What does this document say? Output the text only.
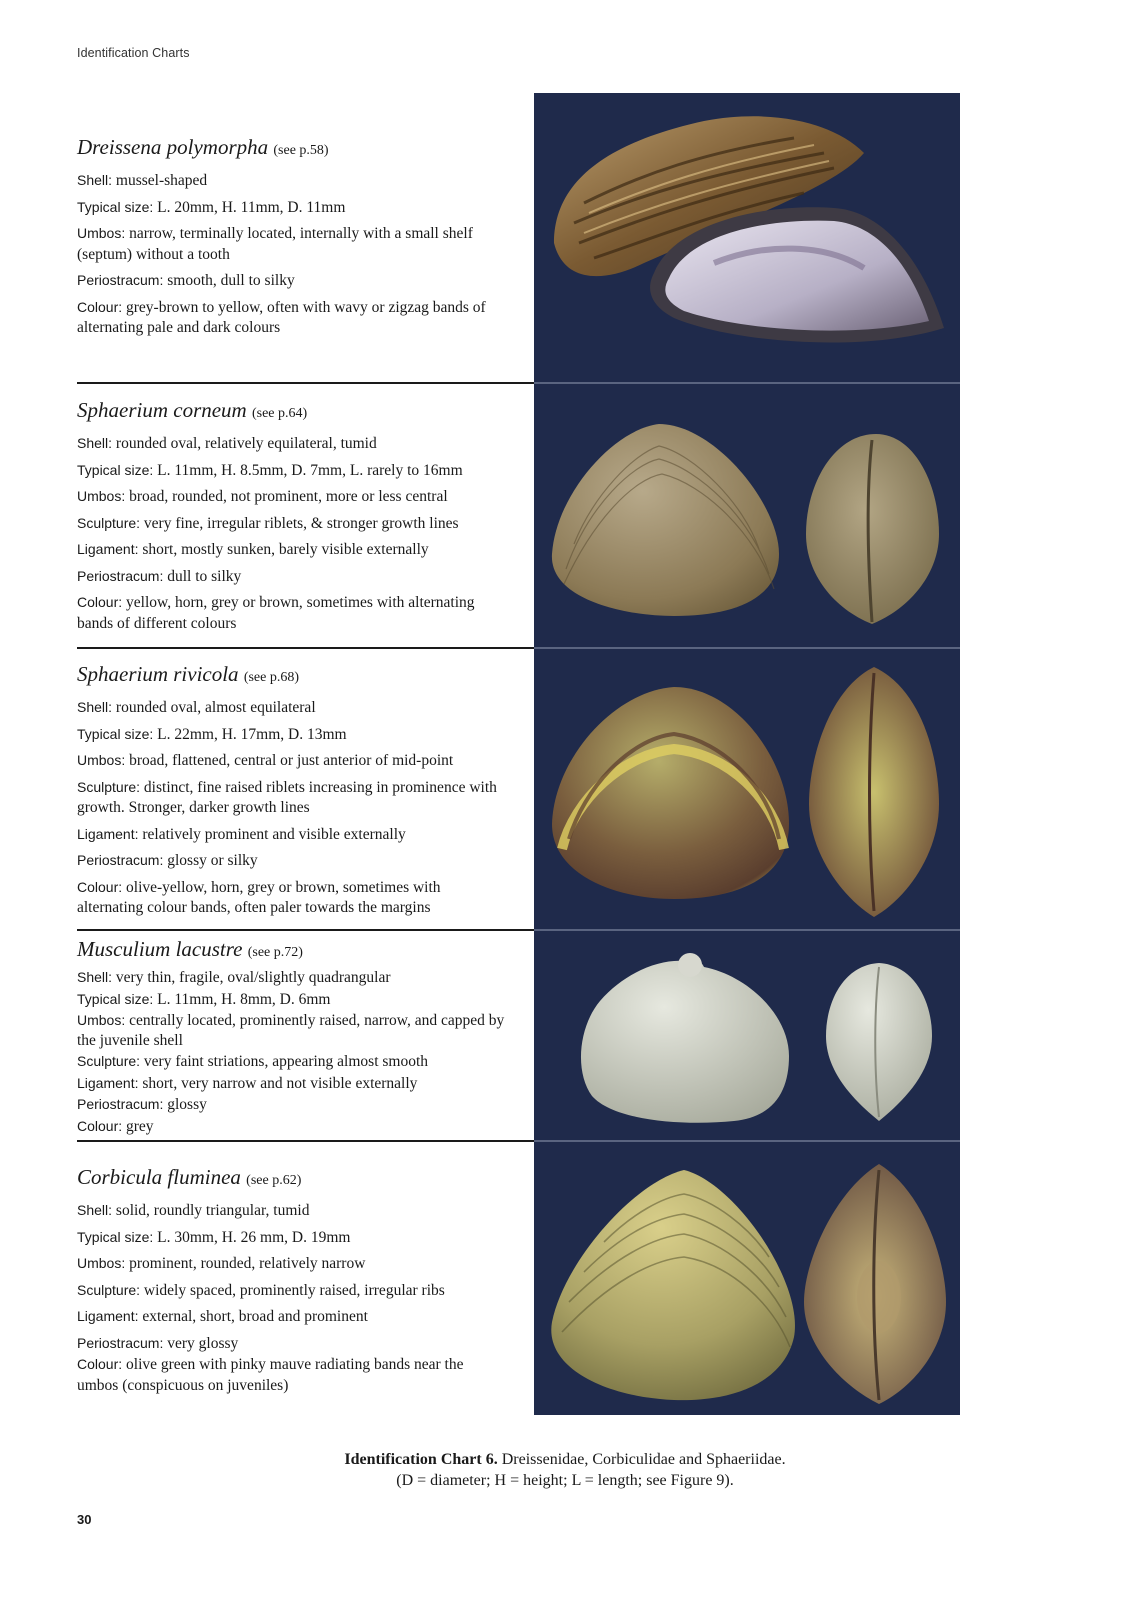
Identification Charts
Dreissena polymorpha (see p.58)
Shell: mussel-shaped
Typical size: L. 20mm, H. 11mm, D. 11mm
Umbos: narrow, terminally located, internally with a small shelf (septum) without a tooth
Periostracum: smooth, dull to silky
Colour: grey-brown to yellow, often with wavy or zigzag bands of alternating pale and dark colours
Sphaerium corneum (see p.64)
Shell: rounded oval, relatively equilateral, tumid
Typical size: L. 11mm, H. 8.5mm, D. 7mm, L. rarely to 16mm
Umbos: broad, rounded, not prominent, more or less central
Sculpture: very fine, irregular riblets, & stronger growth lines
Ligament: short, mostly sunken, barely visible externally
Periostracum: dull to silky
Colour: yellow, horn, grey or brown, sometimes with alternating bands of different colours
Sphaerium rivicola (see p.68)
Shell: rounded oval, almost equilateral
Typical size: L. 22mm, H. 17mm, D. 13mm
Umbos: broad, flattened, central or just anterior of mid-point
Sculpture: distinct, fine raised riblets increasing in prominence with growth. Stronger, darker growth lines
Ligament: relatively prominent and visible externally
Periostracum: glossy or silky
Colour: olive-yellow, horn, grey or brown, sometimes with alternating colour bands, often paler towards the margins
Musculium lacustre (see p.72)
Shell: very thin, fragile, oval/slightly quadrangular
Typical size: L. 11mm, H. 8mm, D. 6mm
Umbos: centrally located, prominently raised, narrow, and capped by the juvenile shell
Sculpture: very faint striations, appearing almost smooth
Ligament: short, very narrow and not visible externally
Periostracum: glossy
Colour: grey
Corbicula fluminea (see p.62)
Shell: solid, roundly triangular, tumid
Typical size: L. 30mm, H. 26 mm, D. 19mm
Umbos: prominent, rounded, relatively narrow
Sculpture: widely spaced, prominently raised, irregular ribs
Ligament: external, short, broad and prominent
Periostracum: very glossy
Colour: olive green with pinky mauve radiating bands near the umbos (conspicuous on juveniles)
Identification Chart 6. Dreissenidae, Corbiculidae and Sphaeriidae.
(D = diameter; H = height; L = length; see Figure 9).
30
